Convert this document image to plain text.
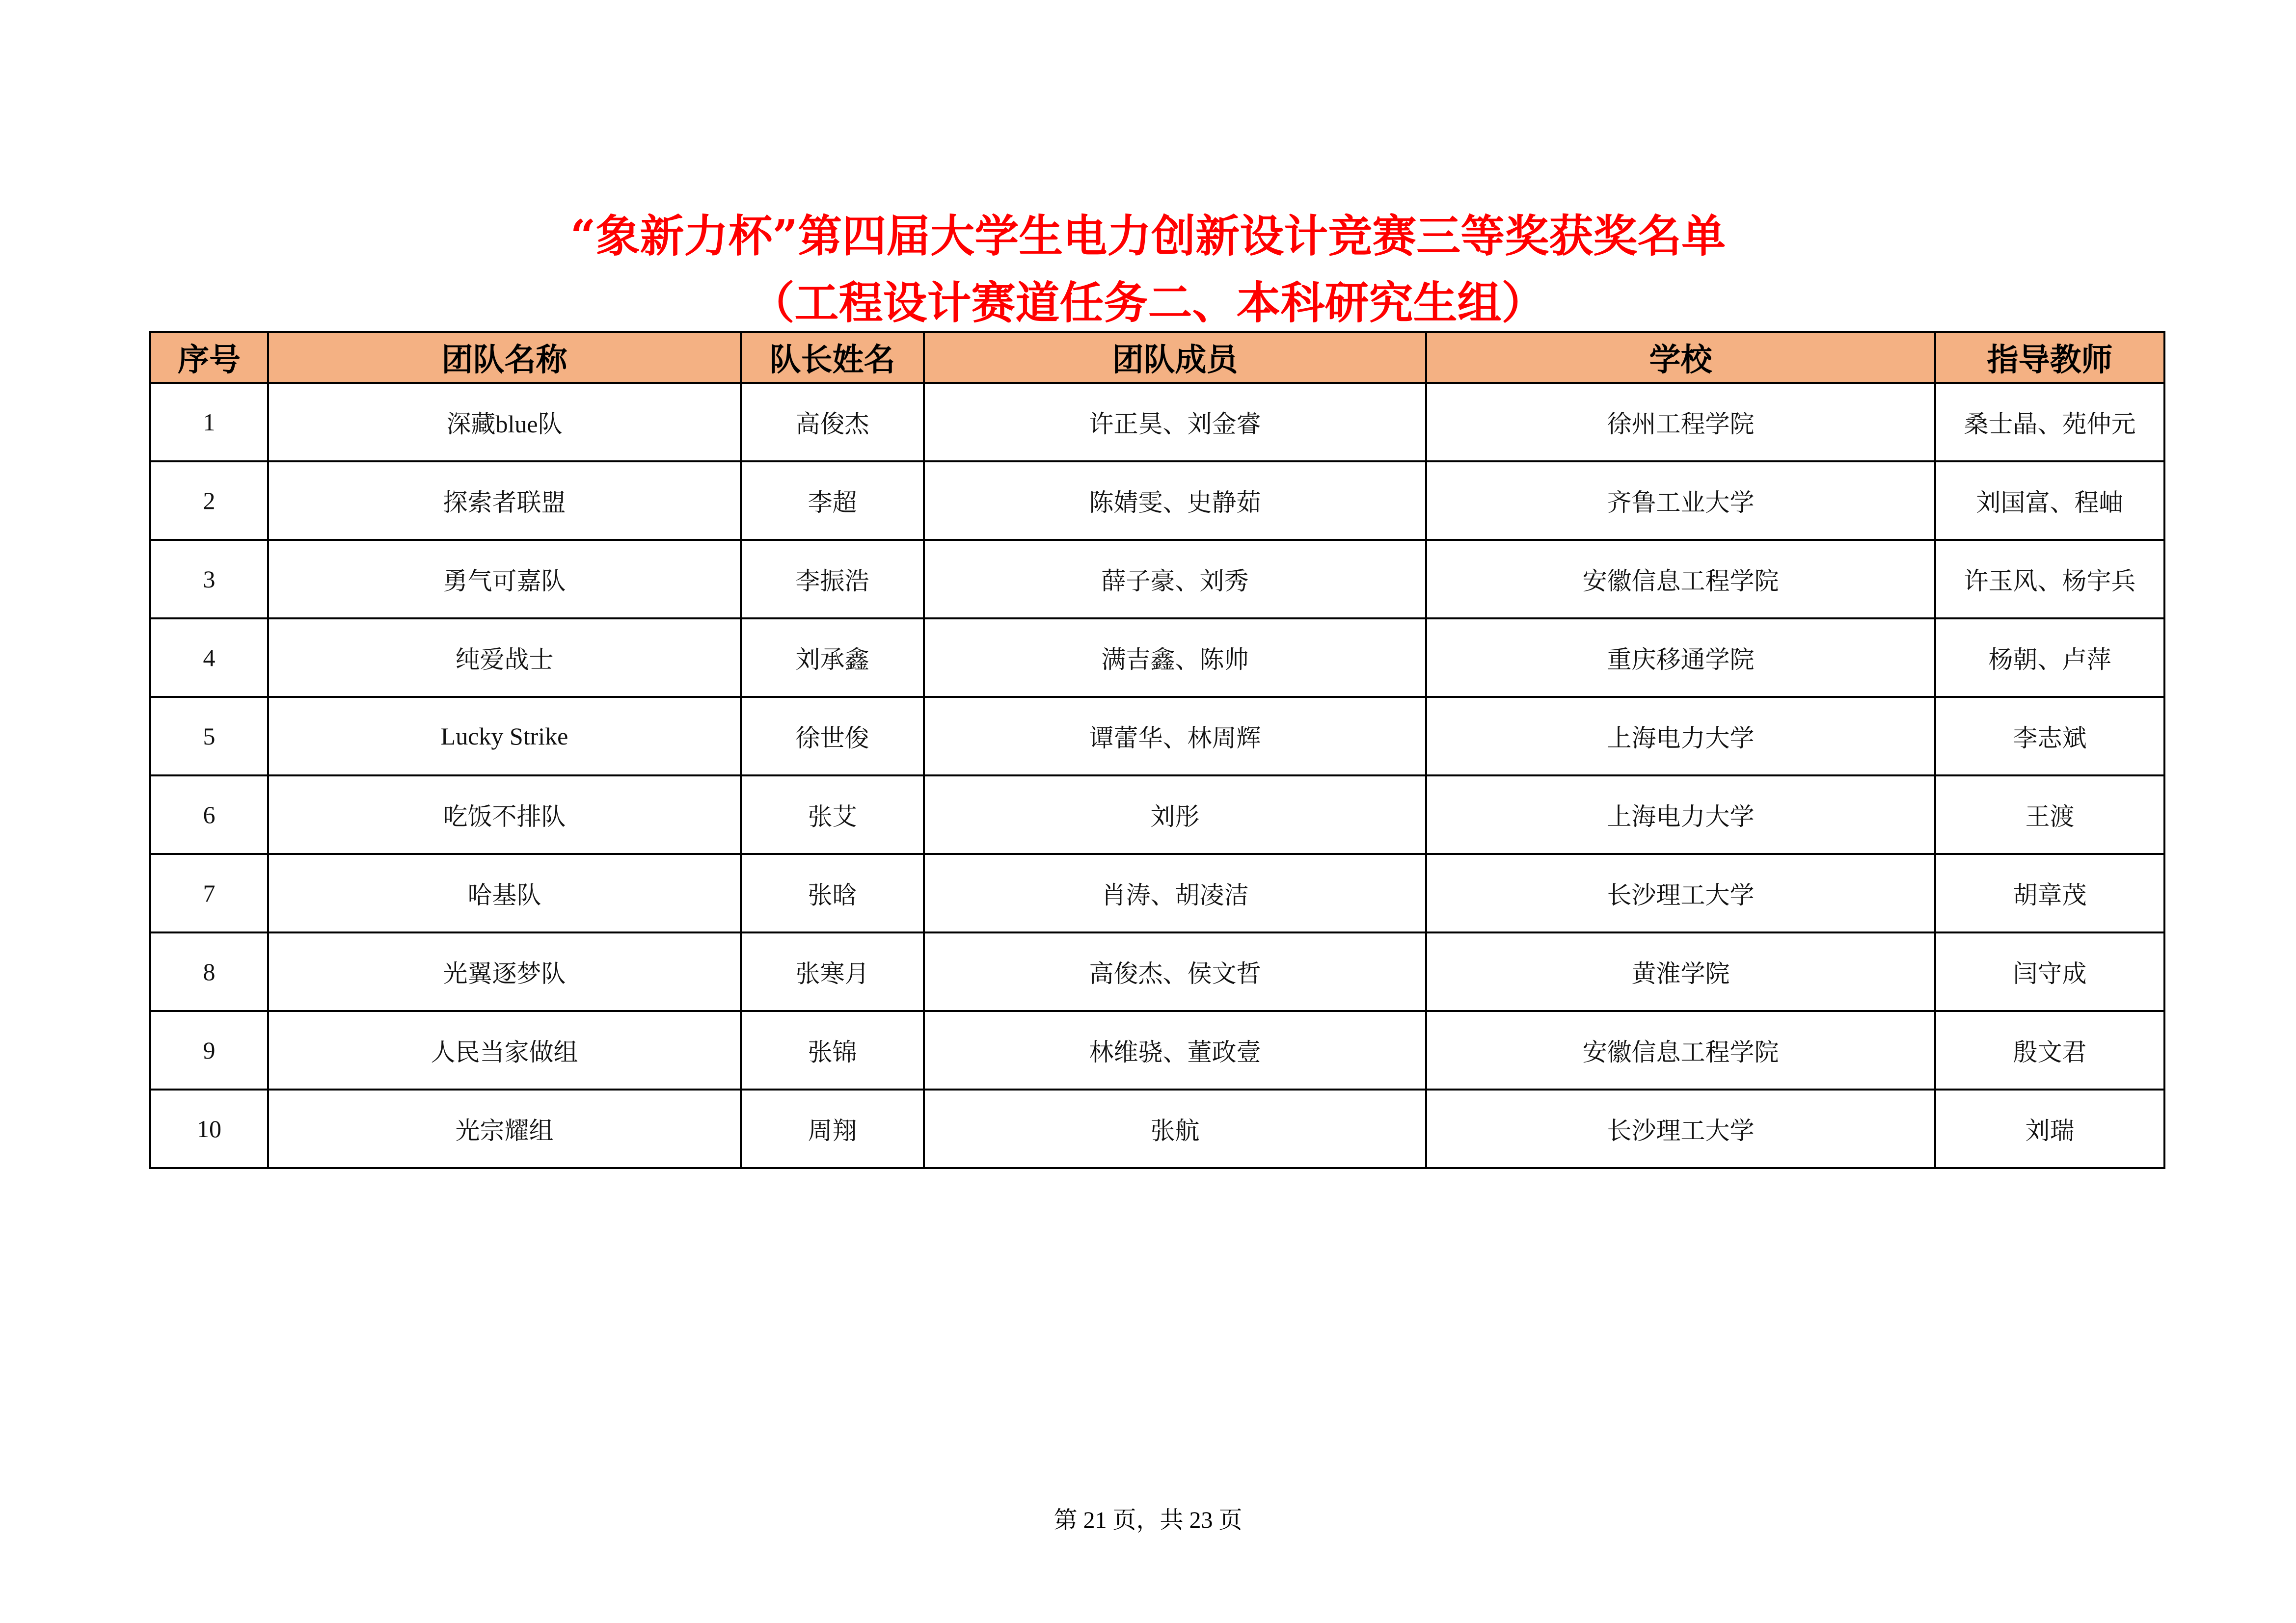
“象新力杯”第四届大学生电力创新设计竞赛三等奖获奖名单
（工程设计赛道任务二、本科研究生组）
序号	团队名称	队长姓名	团队成员	学校	指导教师
1	深藏blue队	高俊杰	许正昊、刘金睿	徐州工程学院	桑士晶、苑仲元
2	探索者联盟	李超	陈婧雯、史静茹	齐鲁工业大学	刘国富、程岫
3	勇气可嘉队	李振浩	薛子豪、刘秀	安徽信息工程学院	许玉风、杨宇兵
4	纯爱战士	刘承鑫	满吉鑫、陈帅	重庆移通学院	杨朝、卢萍
5	Lucky Strike	徐世俊	谭蕾华、林周辉	上海电力大学	李志斌
6	吃饭不排队	张艾	刘彤	上海电力大学	王渡
7	哈基队	张晗	肖涛、胡凌洁	长沙理工大学	胡章茂
8	光翼逐梦队	张寒月	高俊杰、侯文哲	黄淮学院	闫守成
9	人民当家做组	张锦	林维骁、董政壹	安徽信息工程学院	殷文君
10	光宗耀组	周翔	张航	长沙理工大学	刘瑞
第 21 页，共 23 页
